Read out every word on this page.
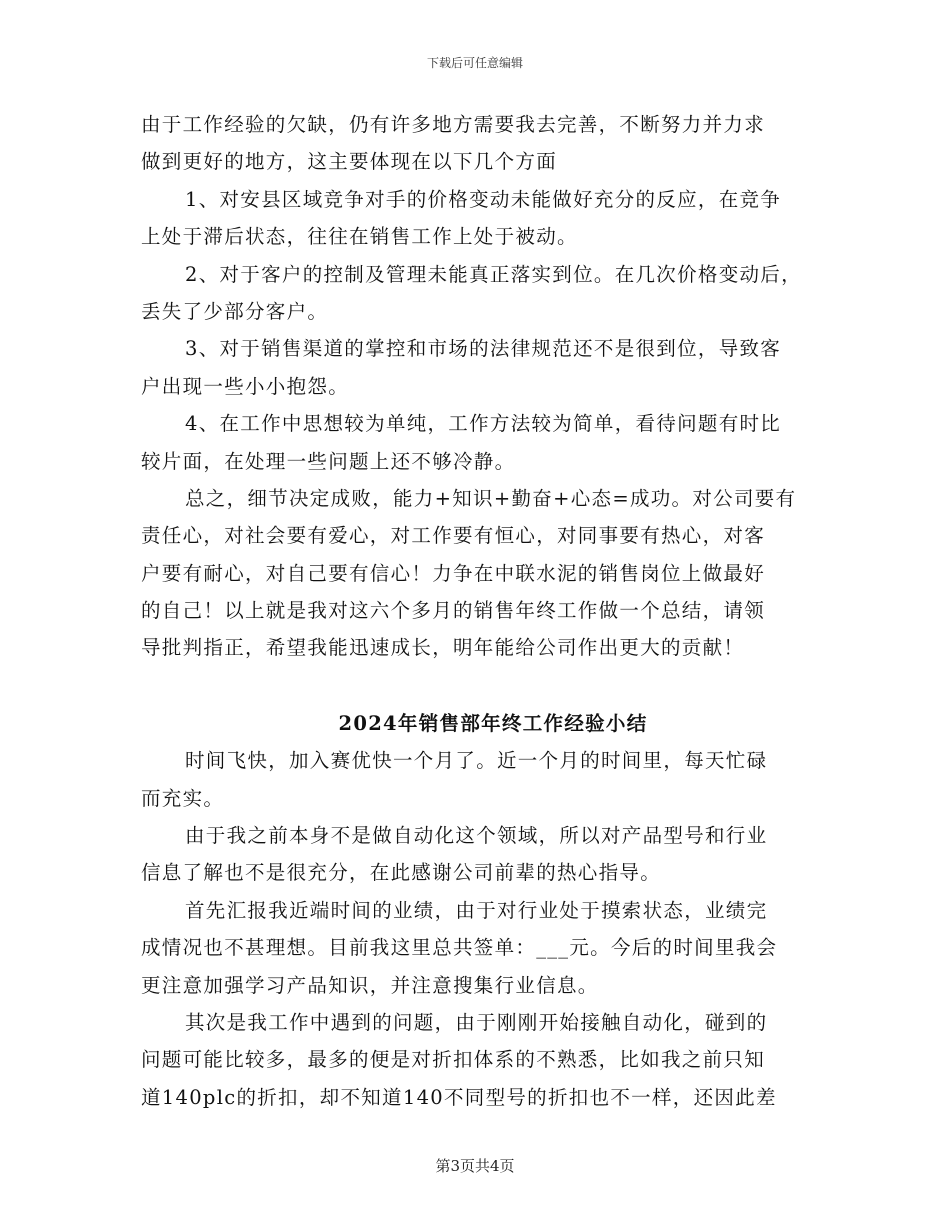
下载后可任意编辑
由于工作经验的欠缺，仍有许多地方需要我去完善，不断努力并力求
做到更好的地方，这主要体现在以下几个方面
1、对安县区域竞争对手的价格变动未能做好充分的反应，在竞争
上处于滞后状态，往往在销售工作上处于被动。
2、对于客户的控制及管理未能真正落实到位。在几次价格变动后，
丢失了少部分客户。
3、对于销售渠道的掌控和市场的法律规范还不是很到位，导致客
户出现一些小小抱怨。
4、在工作中思想较为单纯，工作方法较为简单，看待问题有时比
较片面，在处理一些问题上还不够冷静。
总之，细节决定成败，能力+知识+勤奋+心态=成功。对公司要有
责任心，对社会要有爱心，对工作要有恒心，对同事要有热心，对客
户要有耐心，对自己要有信心！力争在中联水泥的销售岗位上做最好
的自己！以上就是我对这六个多月的销售年终工作做一个总结，请领
导批判指正，希望我能迅速成长，明年能给公司作出更大的贡献！
2024年销售部年终工作经验小结
时间飞快，加入赛优快一个月了。近一个月的时间里，每天忙碌
而充实。
由于我之前本身不是做自动化这个领域，所以对产品型号和行业
信息了解也不是很充分，在此感谢公司前辈的热心指导。
首先汇报我近端时间的业绩，由于对行业处于摸索状态，业绩完
成情况也不甚理想。目前我这里总共签单：___元。今后的时间里我会
更注意加强学习产品知识，并注意搜集行业信息。
其次是我工作中遇到的问题，由于刚刚开始接触自动化，碰到的
问题可能比较多，最多的便是对折扣体系的不熟悉，比如我之前只知
道140plc的折扣，却不知道140不同型号的折扣也不一样，还因此差
第3页共4页
